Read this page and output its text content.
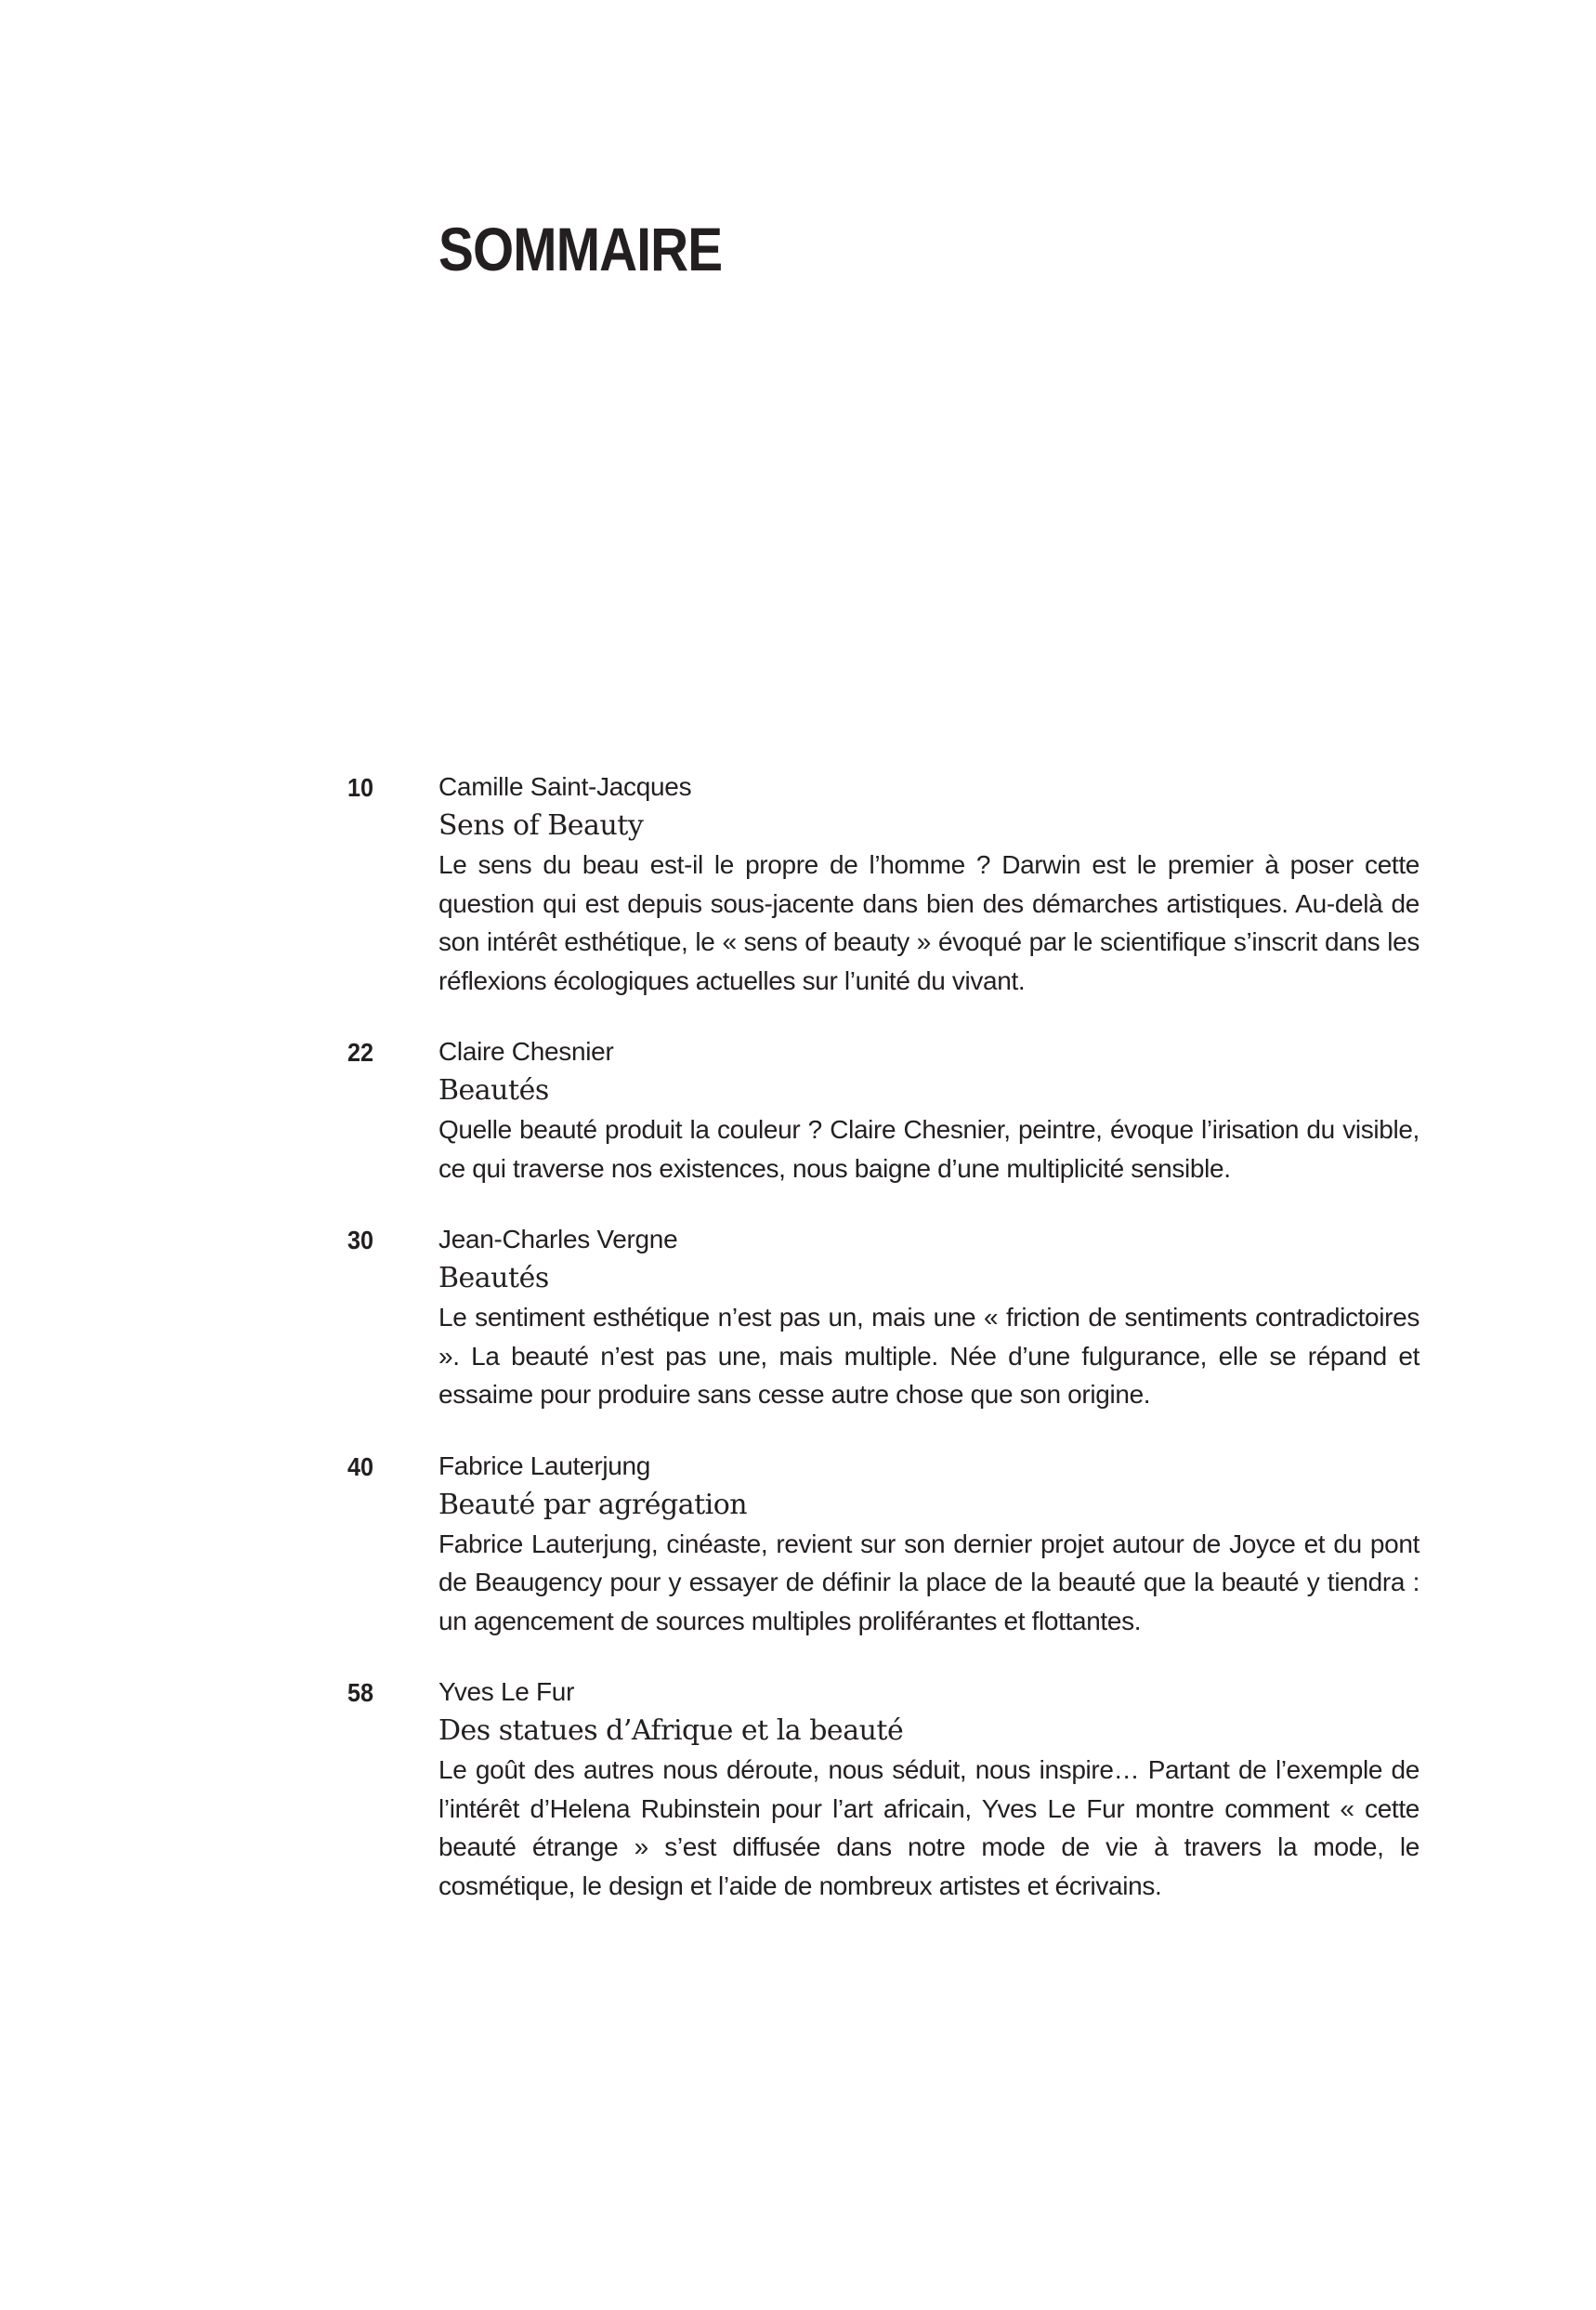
SOMMAIRE
10	Camille Saint-Jacques
Sens of Beauty

Le sens du beau est-il le propre de l’homme ? Darwin est le premier à poser cette question qui est depuis sous-jacente dans bien des démarches artistiques. Au-delà de son intérêt esthétique, le « sens of beauty » évoqué par le scientifique s’inscrit dans les réflexions écologiques actuelles sur l’unité du vivant.

22	Claire Chesnier
Beautés

Quelle beauté produit la couleur ? Claire Chesnier, peintre, évoque l’irisation du visible, ce qui traverse nos existences, nous baigne d’une multiplicité sensible.

30	Jean-Charles Vergne
Beautés

Le sentiment esthétique n’est pas un, mais une « friction de sentiments contradictoires ». La beauté n’est pas une, mais multiple. Née d’une fulgurance, elle se répand et essaime pour produire sans cesse autre chose que son origine.

40	Fabrice Lauterjung
Beauté par agrégation

Fabrice Lauterjung, cinéaste, revient sur son dernier projet autour de Joyce et du pont de Beaugency pour y essayer de définir la place de la beauté que la beauté y tiendra : un agencement de sources multiples proliférantes et flottantes.

58	Yves Le Fur
Des statues d’Afrique et la beauté

Le goût des autres nous déroute, nous séduit, nous inspire… Partant de l’exemple de l’intérêt d’Helena Rubinstein pour l’art africain, Yves Le Fur montre comment « cette beauté étrange » s’est diffusée dans notre mode de vie à travers la mode, le cosmétique, le design et l’aide de nombreux artistes et écrivains.
